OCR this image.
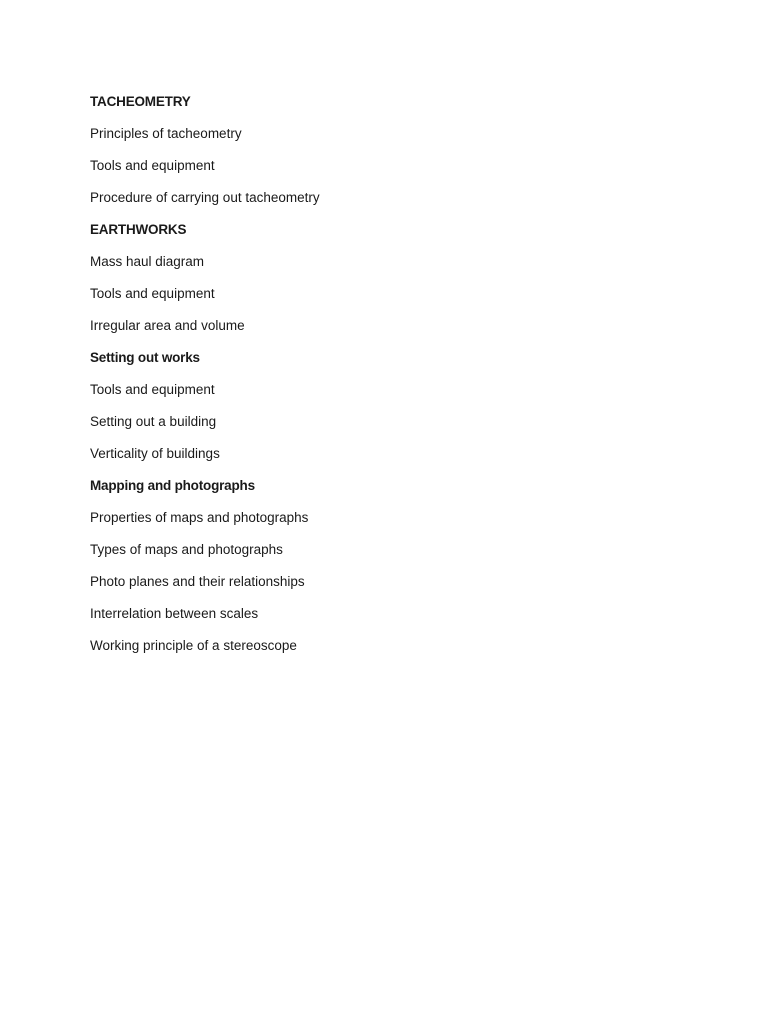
TACHEOMETRY
Principles of tacheometry
Tools and equipment
Procedure of carrying out tacheometry
EARTHWORKS
Mass haul diagram
Tools and equipment
Irregular area and volume
Setting out works
Tools and equipment
Setting out a building
Verticality of buildings
Mapping and photographs
Properties of maps and photographs
Types of maps and photographs
Photo planes and their relationships
Interrelation between scales
Working principle of a stereoscope
